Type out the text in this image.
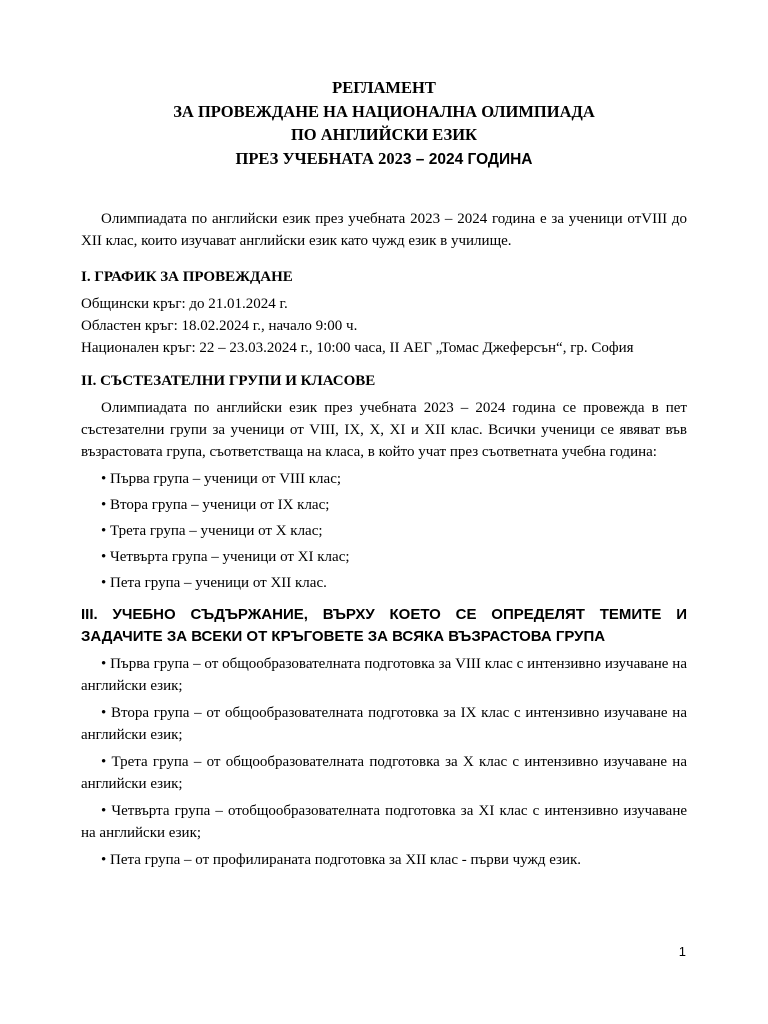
РЕГЛАМЕНТ
ЗА ПРОВЕЖДАНЕ НА НАЦИОНАЛНА ОЛИМПИАДА
ПО АНГЛИЙСКИ ЕЗИК
ПРЕЗ УЧЕБНАТА 2023 – 2024 ГОДИНА

Олимпиадата по английски език през учебната 2023 – 2024 година е за ученици отVIII до XII клас, които изучават английски език като чужд език в училище.

I. ГРАФИК ЗА ПРОВЕЖДАНЕ

Общински кръг: до 21.01.2024 г.
Областен кръг: 18.02.2024 г., начало 9:00 ч.
Национален кръг: 22 – 23.03.2024 г., 10:00 часа, II АЕГ „Томас Джеферсън“, гр. София

II. СЪСТЕЗАТЕЛНИ ГРУПИ И КЛАСОВЕ

Олимпиадата по английски език през учебната 2023 – 2024 година се провежда в пет състезателни групи за ученици от VIII, IX, X, XI и XII клас. Всички ученици се явяват във възрастовата група, съответстваща на класа, в който учат през съответната учебна година:

• Първа група – ученици от VIII клас;

• Втора група – ученици от IX клас;

• Трета група – ученици от X клас;

• Четвърта група – ученици от XI клас;

• Пета група – ученици от XII клас.

III. УЧЕБНО СЪДЪРЖАНИЕ, ВЪРХУ КОЕТО СЕ ОПРЕДЕЛЯТ ТЕМИТЕ И ЗАДАЧИТЕ ЗА ВСЕКИ ОТ КРЪГОВЕТЕ ЗА ВСЯКА ВЪЗРАСТОВА ГРУПА

• Първа група – от общообразователната подготовка за VIII клас с интензивно изучаване на английски език;

• Втора група – от общообразователната подготовка за IX клас с интензивно изучаване на английски език;

• Трета група – от общообразователната подготовка за X клас с интензивно изучаване на английски език;

• Четвърта група – отобщообразователната подготовка за XI клас с интензивно изучаване на английски език;

• Пета група – от профилираната подготовка за XII клас - първи чужд език.

1
